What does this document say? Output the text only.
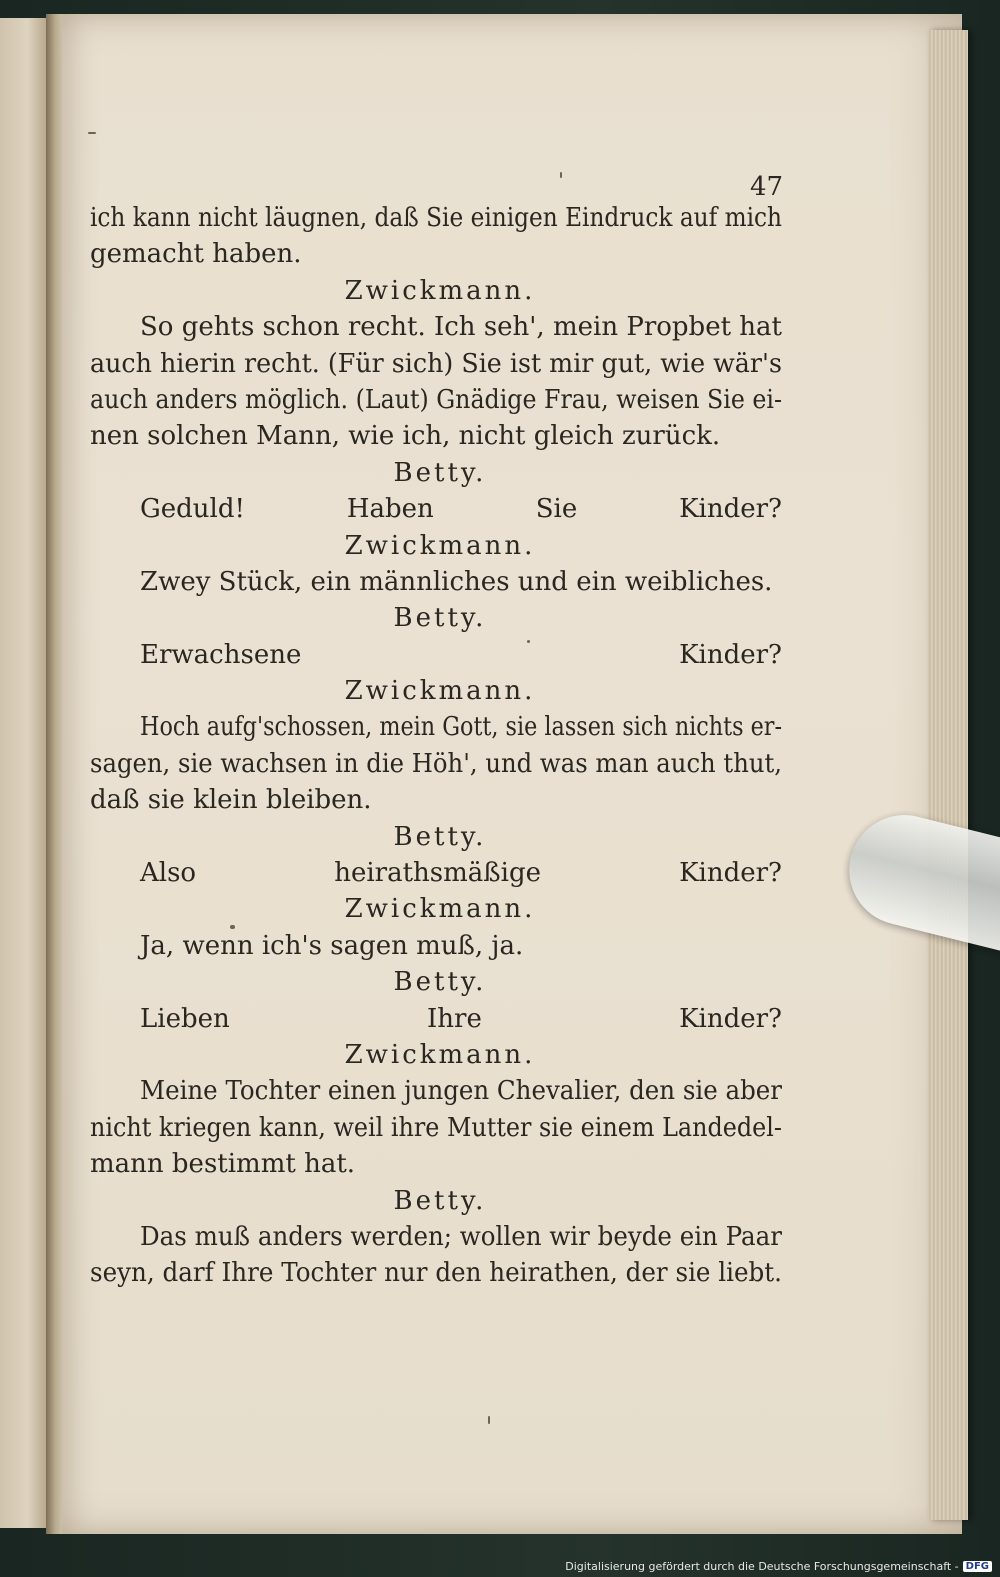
47
ich kann nicht läugnen, daß Sie einigen Eindruck auf mich
gemacht haben.
Zwickmann.
So gehts schon recht. Ich seh', mein Propbet hat
auch hierin recht. (Für sich) Sie ist mir gut, wie wär's
auch anders möglich. (Laut) Gnädige Frau, weisen Sie ei-
nen solchen Mann, wie ich, nicht gleich zurück.
Betty.
Geduld! Haben Sie Kinder?
Zwickmann.
Zwey Stück, ein männliches und ein weibliches.
Betty.
Erwachsene Kinder?
Zwickmann.
Hoch aufg'schossen, mein Gott, sie lassen sich nichts er-
sagen, sie wachsen in die Höh', und was man auch thut,
daß sie klein bleiben.
Betty.
Also heirathsmäßige Kinder?
Zwickmann.
Ja, wenn ich's sagen muß, ja.
Betty.
Lieben Ihre Kinder?
Zwickmann.
Meine Tochter einen jungen Chevalier, den sie aber
nicht kriegen kann, weil ihre Mutter sie einem Landedel-
mann bestimmt hat.
Betty.
Das muß anders werden; wollen wir beyde ein Paar
seyn, darf Ihre Tochter nur den heirathen, der sie liebt.
Digitalisierung gefördert durch die Deutsche Forschungsgemeinschaft - DFG
